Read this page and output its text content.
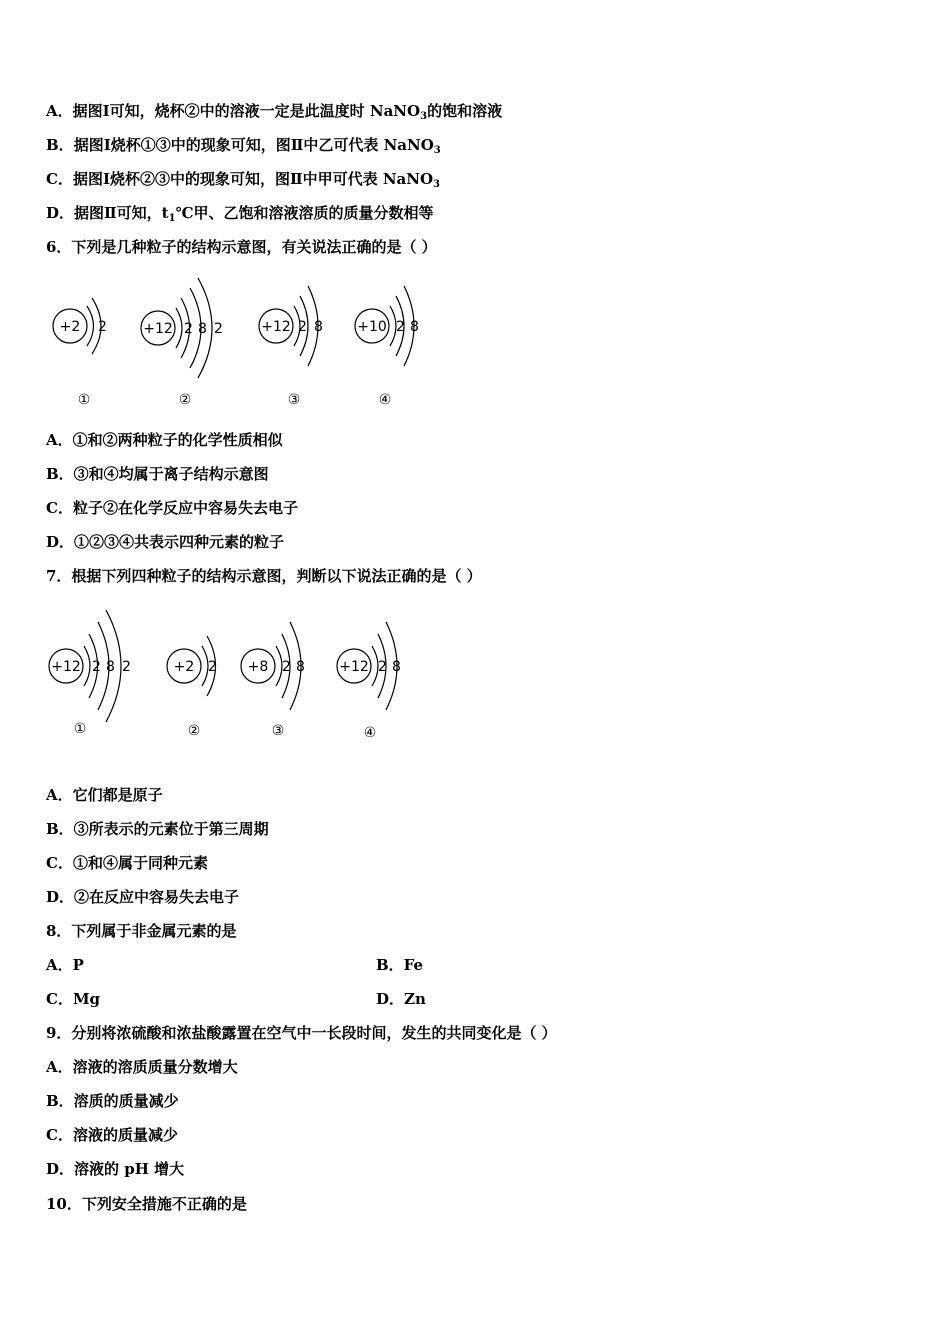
A．据图Ⅰ可知，烧杯②中的溶液一定是此温度时 NaNO$_3$的饱和溶液
B．据图Ⅰ烧杯①③中的现象可知，图Ⅱ中乙可代表 NaNO$_3$
C．据图Ⅰ烧杯②③中的现象可知，图Ⅱ中甲可代表 NaNO$_3$
D．据图Ⅱ可知，$t_1℃$甲、乙饱和溶液溶质的质量分数相等
6．下列是几种粒子的结构示意图，有关说法正确的是（ ）
+2 2	+12 2 8 2	+12 2 8 +10 2 8
①	②	③	④
A．①和②两种粒子的化学性质相似
B．③和④均属于离子结构示意图
C．粒子②在化学反应中容易失去电子
D．①②③④共表示四种元素的粒子
7．根据下列四种粒子的结构示意图，判断以下说法正确的是（ ）
+12 2 8 2	+2 2 +8 2 8 +12 2 8
①	②	③	④
A．它们都是原子
B．③所表示的元素位于第三周期
C．①和④属于同种元素
D．②在反应中容易失去电子
8．下列属于非金属元素的是
A．P	B．Fe
C．Mg	D．Zn
9．分别将浓硫酸和浓盐酸露置在空气中一长段时间，发生的共同变化是（ ）
A．溶液的溶质质量分数增大
B．溶质的质量减少
C．溶液的质量减少
D．溶液的 pH 增大
10．下列安全措施不正确的是
